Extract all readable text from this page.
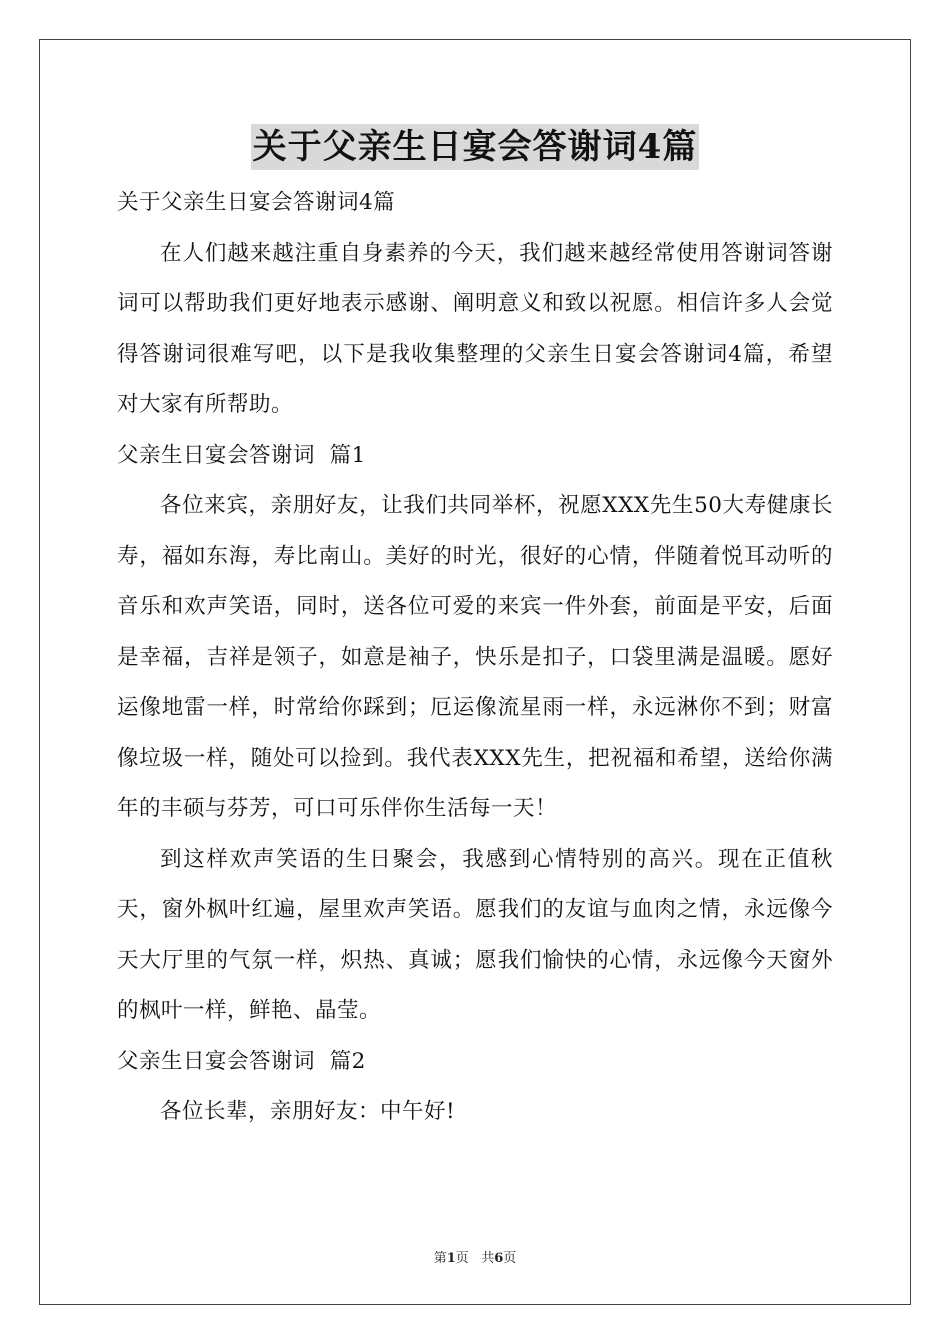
关于父亲生日宴会答谢词4篇

关于父亲生日宴会答谢词4篇

在人们越来越注重自身素养的今天，我们越来越经常使用答谢词答谢词可以帮助我们更好地表示感谢、阐明意义和致以祝愿。相信许多人会觉得答谢词很难写吧，以下是我收集整理的父亲生日宴会答谢词4篇，希望对大家有所帮助。

父亲生日宴会答谢词  篇1

各位来宾，亲朋好友，让我们共同举杯，祝愿XXX先生50大寿健康长寿，福如东海，寿比南山。美好的时光，很好的心情，伴随着悦耳动听的音乐和欢声笑语，同时，送各位可爱的来宾一件外套，前面是平安，后面是幸福，吉祥是领子，如意是袖子，快乐是扣子，口袋里满是温暖。愿好运像地雷一样，时常给你踩到；厄运像流星雨一样，永远淋你不到；财富像垃圾一样，随处可以捡到。我代表XXX先生，把祝福和希望，送给你满年的丰硕与芬芳，可口可乐伴你生活每一天！

到这样欢声笑语的生日聚会，我感到心情特别的高兴。现在正值秋天，窗外枫叶红遍，屋里欢声笑语。愿我们的友谊与血肉之情，永远像今天大厅里的气氛一样，炽热、真诚；愿我们愉快的心情，永远像今天窗外的枫叶一样，鲜艳、晶莹。

父亲生日宴会答谢词  篇2

各位长辈，亲朋好友：中午好!

第1页 共6页
